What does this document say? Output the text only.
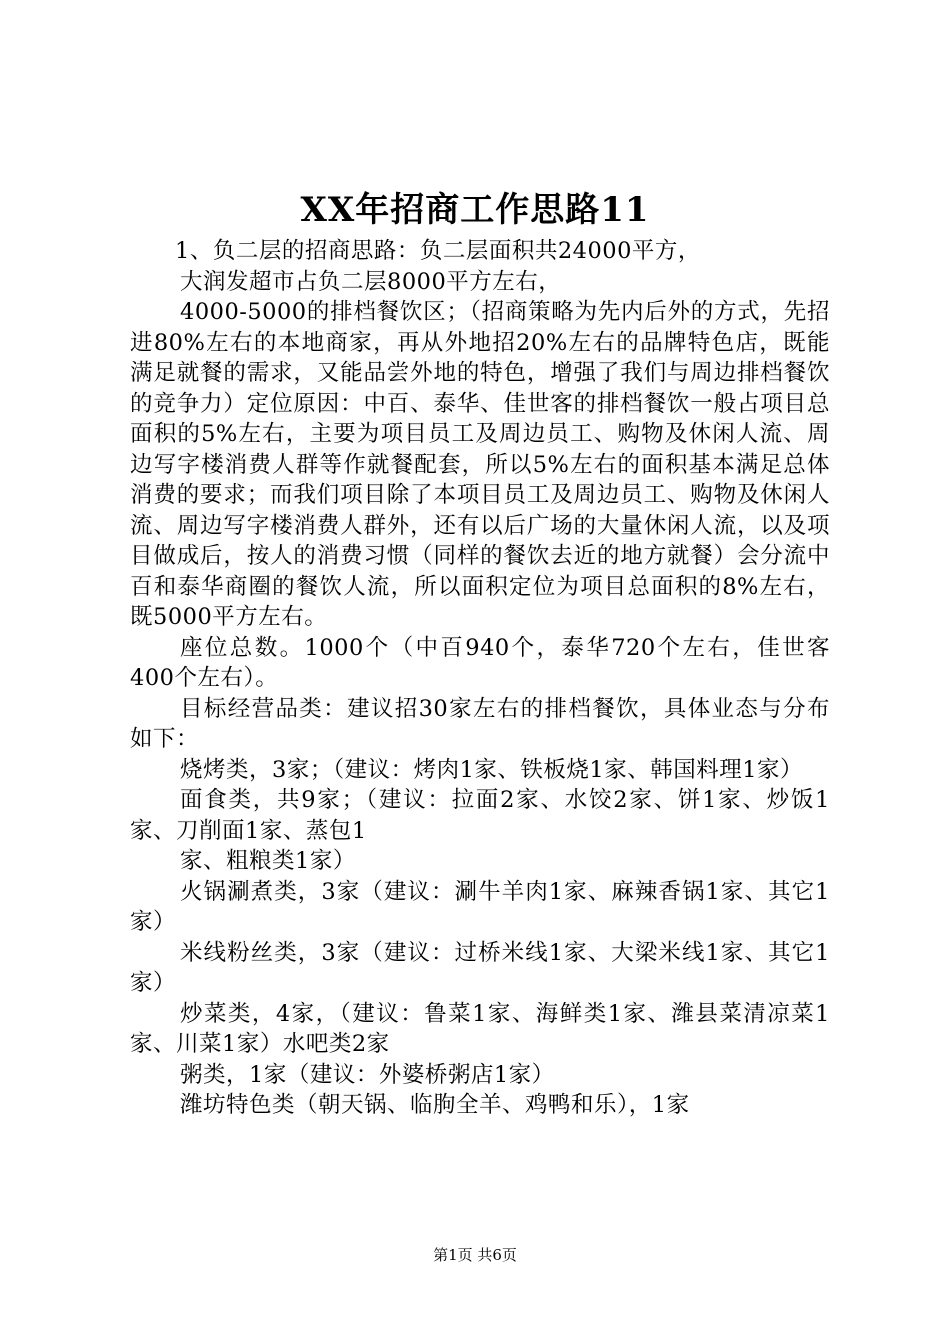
XX年招商工作思路11

1、负二层的招商思路：负二层面积共24000平方，

大润发超市占负二层8000平方左右，

4000-5000的排档餐饮区；（招商策略为先内后外的方式，先招进80%左右的本地商家，再从外地招20%左右的品牌特色店，既能满足就餐的需求，又能品尝外地的特色，增强了我们与周边排档餐饮的竞争力）定位原因：中百、泰华、佳世客的排档餐饮一般占项目总面积的5%左右，主要为项目员工及周边员工、购物及休闲人流、周边写字楼消费人群等作就餐配套，所以5%左右的面积基本满足总体消费的要求；而我们项目除了本项目员工及周边员工、购物及休闲人流、周边写字楼消费人群外，还有以后广场的大量休闲人流，以及项目做成后，按人的消费习惯（同样的餐饮去近的地方就餐）会分流中百和泰华商圈的餐饮人流，所以面积定位为项目总面积的8%左右，既5000平方左右。

座位总数。1000个（中百940个，泰华720个左右，佳世客400个左右）。

目标经营品类：建议招30家左右的排档餐饮，具体业态与分布如下：

烧烤类，3家；（建议：烤肉1家、铁板烧1家、韩国料理1家）

面食类，共9家；（建议：拉面2家、水饺2家、饼1家、炒饭1家、刀削面1家、蒸包1

家、粗粮类1家）

火锅涮煮类，3家（建议：涮牛羊肉1家、麻辣香锅1家、其它1家）

米线粉丝类，3家（建议：过桥米线1家、大梁米线1家、其它1家）

炒菜类，4家，（建议：鲁菜1家、海鲜类1家、潍县菜清凉菜1家、川菜1家）水吧类2家

粥类，1家（建议：外婆桥粥店1家）

潍坊特色类（朝天锅、临朐全羊、鸡鸭和乐），1家

第1页 共6页
